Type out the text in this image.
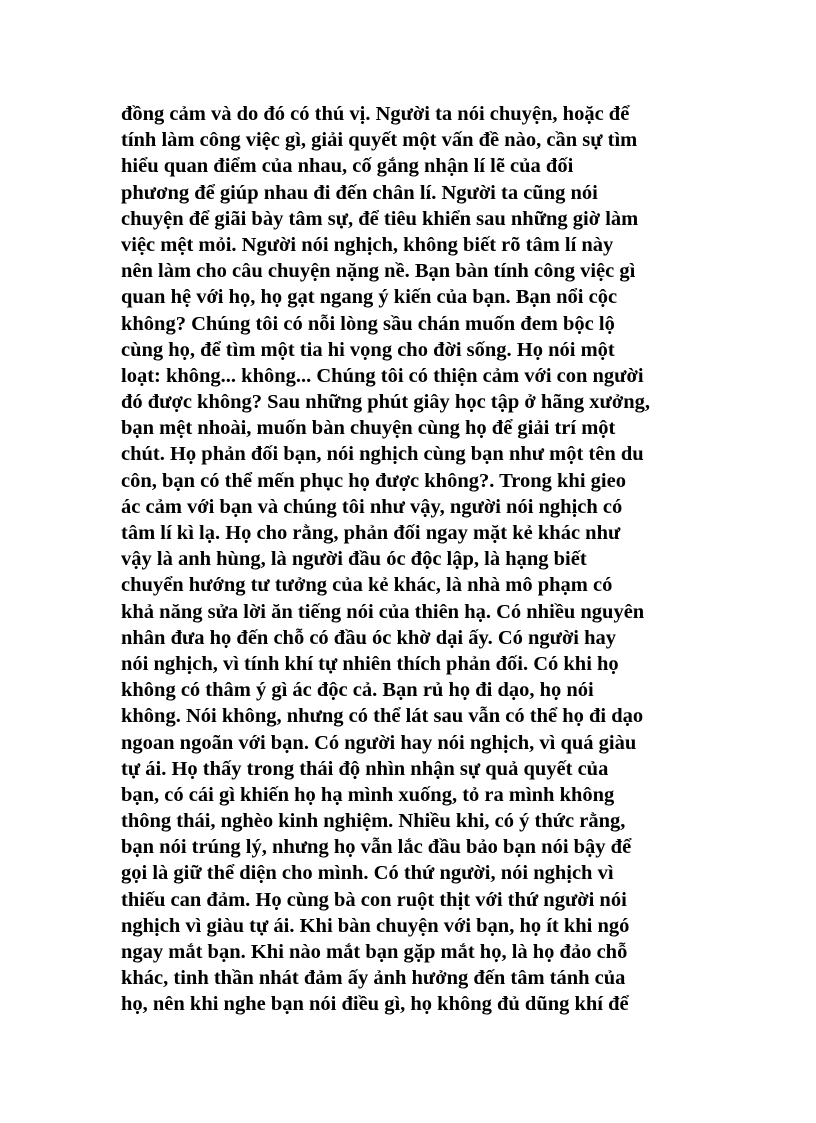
đồng cảm và do đó có thú vị. Người ta nói chuyện, hoặc để
tính làm công việc gì, giải quyết một vấn đề nào, cần sự tìm
hiểu quan điểm của nhau, cố gắng nhận lí lẽ của đối
phương để giúp nhau đi đến chân lí. Người ta cũng nói
chuyện để giãi bày tâm sự, để tiêu khiển sau những giờ làm
việc mệt mỏi. Người nói nghịch, không biết rõ tâm lí này
nên làm cho câu chuyện nặng nề. Bạn bàn tính công việc gì
quan hệ với họ, họ gạt ngang ý kiến của bạn. Bạn nổi cộc
không? Chúng tôi có nỗi lòng sầu chán muốn đem bộc lộ
cùng họ, để tìm một tia hi vọng cho đời sống. Họ nói một
loạt: không... không... Chúng tôi có thiện cảm với con người
đó được không? Sau những phút giây học tập ở hãng xưởng,
bạn mệt nhoài, muốn bàn chuyện cùng họ để giải trí một
chút. Họ phản đối bạn, nói nghịch cùng bạn như một tên du
côn, bạn có thể mến phục họ được không?. Trong khi gieo
ác cảm với bạn và chúng tôi như vậy, người nói nghịch có
tâm lí kì lạ. Họ cho rằng, phản đối ngay mặt kẻ khác như
vậy là anh hùng, là người đầu óc độc lập, là hạng biết
chuyển hướng tư tưởng của kẻ khác, là nhà mô phạm có
khả năng sửa lời ăn tiếng nói của thiên hạ. Có nhiều nguyên
nhân đưa họ đến chỗ có đầu óc khờ dại ấy. Có người hay
nói nghịch, vì tính khí tự nhiên thích phản đối. Có khi họ
không có thâm ý gì ác độc cả. Bạn rủ họ đi dạo, họ nói
không. Nói không, nhưng có thể lát sau vẫn có thể họ đi dạo
ngoan ngoãn với bạn. Có người hay nói nghịch, vì quá giàu
tự ái. Họ thấy trong thái độ nhìn nhận sự quả quyết của
bạn, có cái gì khiến họ hạ mình xuống, tỏ ra mình không
thông thái, nghèo kinh nghiệm. Nhiều khi, có ý thức rằng,
bạn nói trúng lý, nhưng họ vẫn lắc đầu bảo bạn nói bậy để
gọi là giữ thể diện cho mình. Có thứ người, nói nghịch vì
thiếu can đảm. Họ cùng bà con ruột thịt với thứ người nói
nghịch vì giàu tự ái. Khi bàn chuyện với bạn, họ ít khi ngó
ngay mắt bạn. Khi nào mắt bạn gặp mắt họ, là họ đảo chỗ
khác, tinh thần nhát đảm ấy ảnh hưởng đến tâm tánh của
họ, nên khi nghe bạn nói điều gì, họ không đủ dũng khí để
